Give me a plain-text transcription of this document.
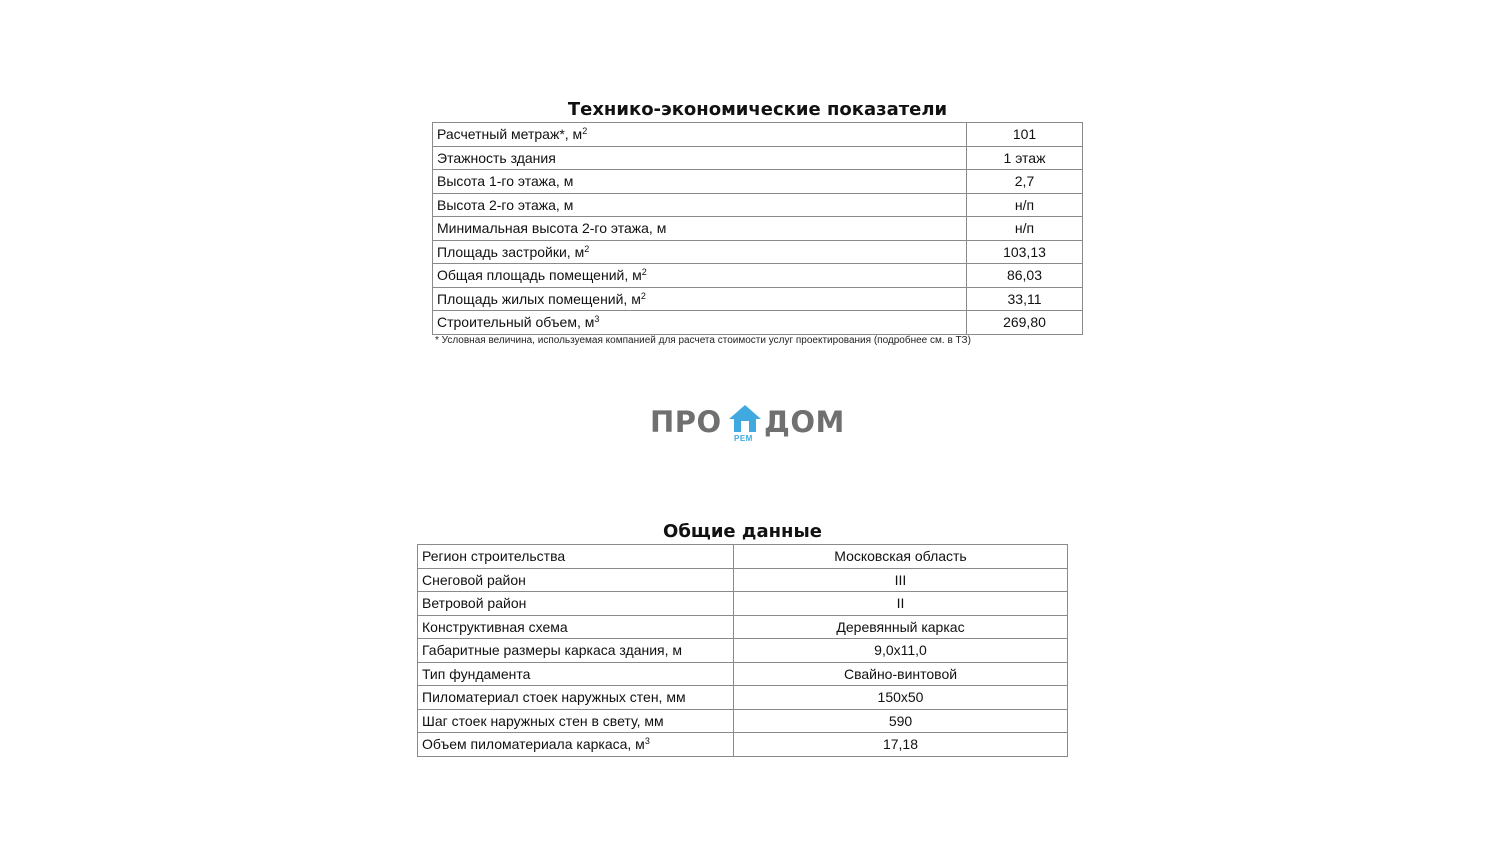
Технико-экономические показатели
Расчетный метраж*, $м^2$	101
Этажность здания	1 этаж
Высота 1-го этажа, м	2,7
Высота 2-го этажа, м	н/п
Минимальная высота 2-го этажа, м	н/п
Площадь застройки, $м^2$	103,13
Общая площадь помещений, $м^2$	86,03
Площадь жилых помещений, $м^2$	33,11
Строительный объем, $м^3$	269,80
* Условная величина, используемая компанией для расчета стоимости услуг проектирования (подробнее см. в ТЗ)
ПРО РЕМ ДОМ
Общие данные
Регион строительства	Московская область
Снеговой район	III
Ветровой район	II
Конструктивная схема	Деревянный каркас
Габаритные размеры каркаса здания, м	9,0х11,0
Тип фундамента	Свайно-винтовой
Пиломатериал стоек наружных стен, мм	150х50
Шаг стоек наружных стен в свету, мм	590
Объем пиломатериала каркаса, $м^3$	17,18
